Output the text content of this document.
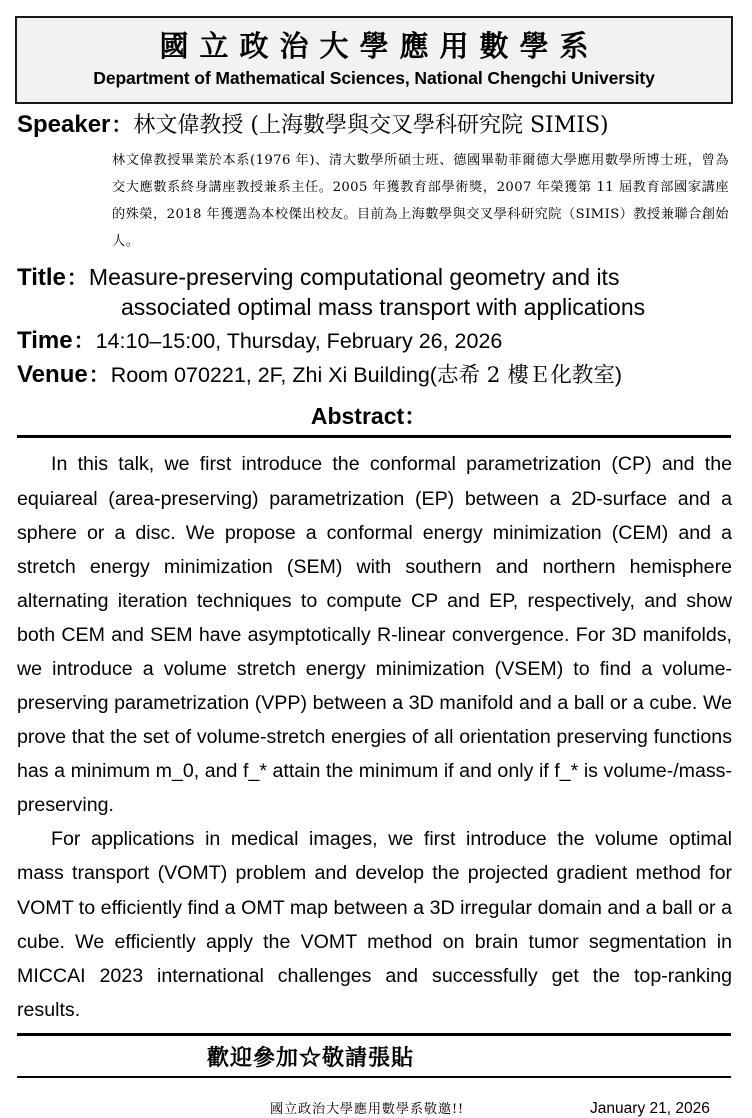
國立政治大學應用數學系
Department of Mathematical Sciences, National Chengchi University
Speaker ： 林文偉教授 (上海數學與交叉學科研究院 SIMIS)
林文偉教授畢業於本系(1976 年)、清大數學所碩士班、德國畢勒菲爾德大學應用數學所博士班，曾為交大應數系終身講座教授兼系主任。2005 年獲教育部學術獎，2007 年榮獲第 11 屆教育部國家講座的殊榮，2018 年獲選為本校傑出校友。目前為上海數學與交叉學科研究院（SIMIS）教授兼聯合創始人。
Title ： Measure-preserving computational geometry and its
associated optimal mass transport with applications
Time ： 14:10–15:00, Thursday, February 26, 2026
Venue ： Room 070221, 2F, Zhi Xi Building( 志希 2 樓Ｅ化教室 )
Abstract：

In this talk, we first introduce the conformal parametrization (CP) and the equiareal (area-preserving) parametrization (EP) between a 2D-surface and a sphere or a disc. We propose a conformal energy minimization (CEM) and a stretch energy minimization (SEM) with southern and northern hemisphere alternating iteration techniques to compute CP and EP, respectively, and show both CEM and SEM have asymptotically R-linear convergence. For 3D manifolds, we introduce a volume stretch energy minimization (VSEM) to find a volume-preserving parametrization (VPP) between a 3D manifold and a ball or a cube. We prove that the set of volume-stretch energies of all orientation preserving functions has a minimum m_0, and f_* attain the minimum if and only if f_* is volume-/mass-preserving.

For applications in medical images, we first introduce the volume optimal mass transport (VOMT) problem and develop the projected gradient method for VOMT to efficiently find a OMT map between a 3D irregular domain and a ball or a cube. We efficiently apply the VOMT method on brain tumor segmentation in MICCAI 2023 international challenges and successfully get the top-ranking results.

歡迎參加☆敬請張貼
國立政治大學應用數學系敬邀!!	January 21, 2026
